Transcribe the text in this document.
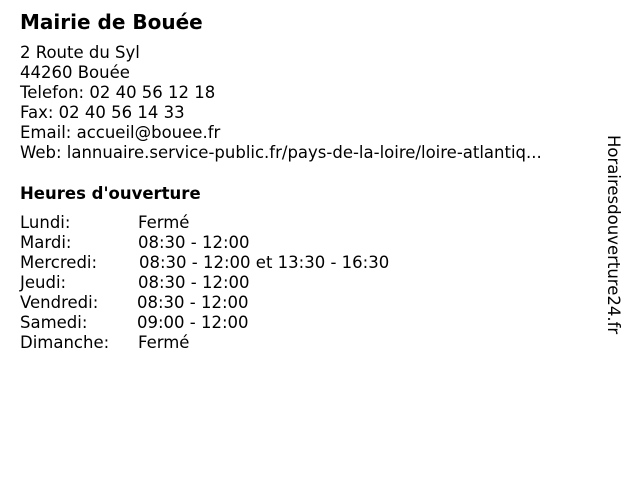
Mairie de Bouée
2 Route du Syl
44260 Bouée
Telefon: 02 40 56 12 18
Fax: 02 40 56 14 33
Email: accueil@bouee.fr
Web: lannuaire.service-public.fr/pays-de-la-loire/loire-atlantiq...
Heures d'ouverture
Lundi:	Fermé
Mardi:	08:30 - 12:00
Mercredi:	08:30 - 12:00 et 13:30 - 16:30
Jeudi:	08:30 - 12:00
Vendredi: 08:30 - 12:00
Samedi:	09:00 - 12:00
Dimanche: Fermé
Horairesdouverture24.fr
